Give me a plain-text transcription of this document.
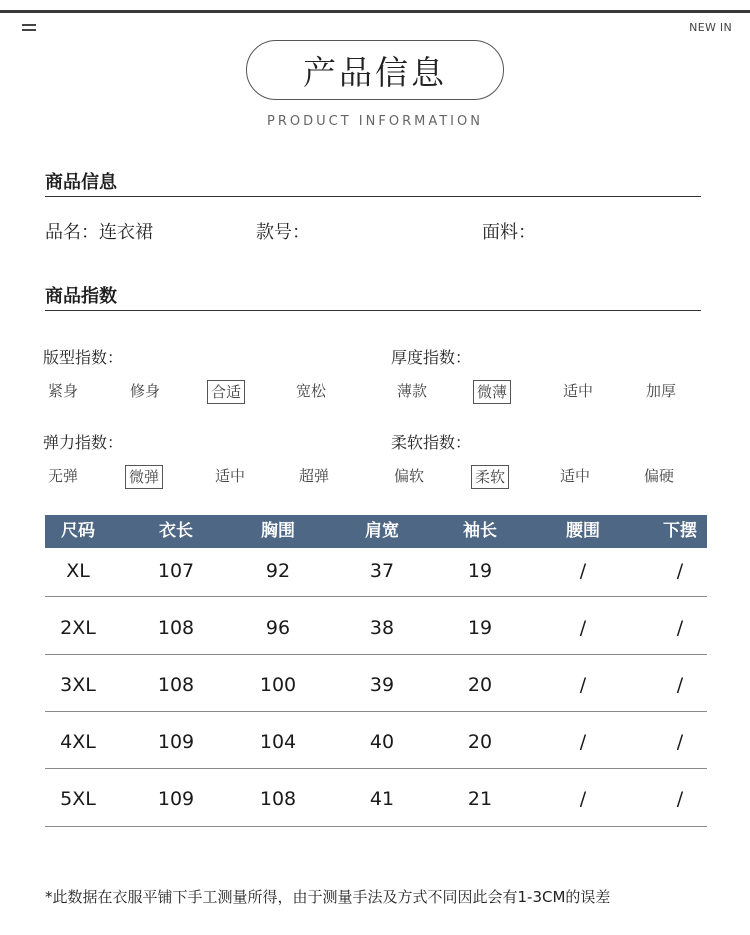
NEW IN
产品信息
PRODUCT INFORMATION
商品信息
品名：连衣裙	款号：	面料：
商品指数
版型指数：
紧身	修身	合适	宽松
厚度指数：
薄款	微薄	适中	加厚
弹力指数：
无弹	微弹	适中	超弹
柔软指数：
偏软	柔软	适中	偏硬
尺码	衣长	胸围	肩宽	袖长	腰围	下摆
XL	107	92	37	19	/	/
2XL	108	96	38	19	/	/
3XL	108	100	39	20	/	/
4XL	109	104	40	20	/	/
5XL	109	108	41	21	/	/
*此数据在衣服平铺下手工测量所得，由于测量手法及方式不同因此会有1-3CM的误差
